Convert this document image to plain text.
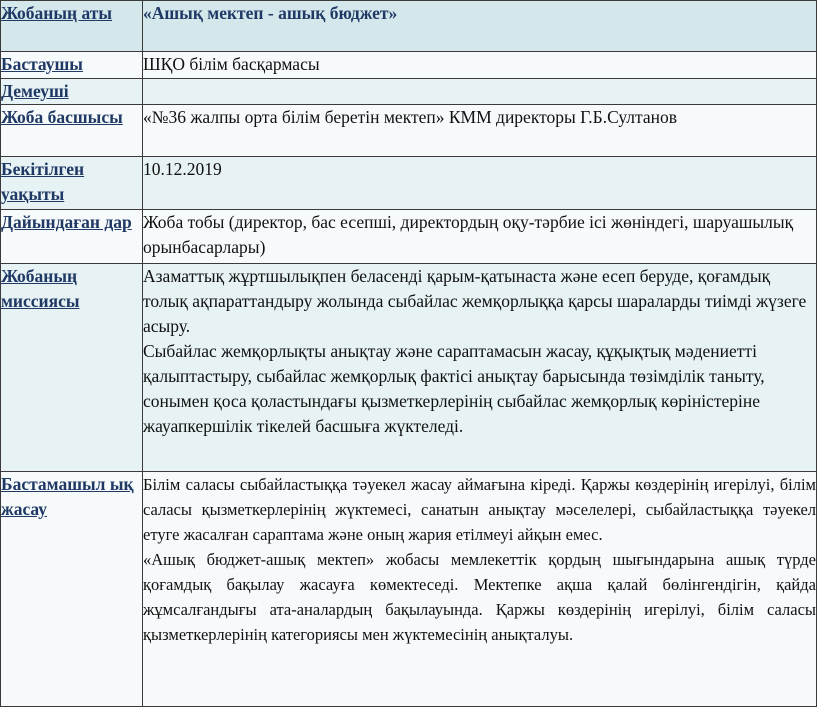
Жобаның аты	«Ашық мектеп - ашық бюджет»
Бастаушы	ШҚО білім басқармасы
Демеуші	
Жоба басшысы	«№36 жалпы орта білім беретін мектеп» КММ директоры Г.Б.Султанов
Бекітілген уақыты	10.12.2019
Дайындаған дар	Жоба тобы (директор, бас есепші, директордың оқу-тәрбие ісі жөніндегі, шаруашылық орынбасарлары)
Жобаның миссиясы	Азаматтық жұртшылықпен беласенді қарым-қатынаста және есеп беруде, қоғамдық толық ақпараттандыру жолында сыбайлас жемқорлыққа қарсы шараларды тиімді жүзеге асыру.

Сыбайлас жемқорлықты анықтау және сараптамасын жасау, құқықтық мәдениетті қалыптастыру, сыбайлас жемқорлық фактісі анықтау барысында төзімділік таныту, сонымен қоса қоластындағы қызметкерлерінің сыбайлас жемқорлық көріністеріне жауапкершілік тікелей басшыға жүктеледі.

Бастамашыл ық жасау	Білім саласы сыбайластыққа тәуекел жасау аймағына кіреді. Қаржы көздерінің игерілуі, білім саласы қызметкерлерінің жүктемесі, санатын анықтау мәселелері, сыбайластыққа тәуекел етуге жасалған сараптама және оның жария етілмеуі айқын емес.

«Ашық бюджет-ашық мектеп» жобасы мемлекеттік қордың шығындарына ашық түрде қоғамдық бақылау жасауға көмектеседі. Мектепке ақша қалай бөлінгендігін, қайда жұмсалғандығы ата-аналардың бақылауында. Қаржы көздерінің игерілуі, білім саласы қызметкерлерінің категориясы мен жүктемесінің анықталуы.
